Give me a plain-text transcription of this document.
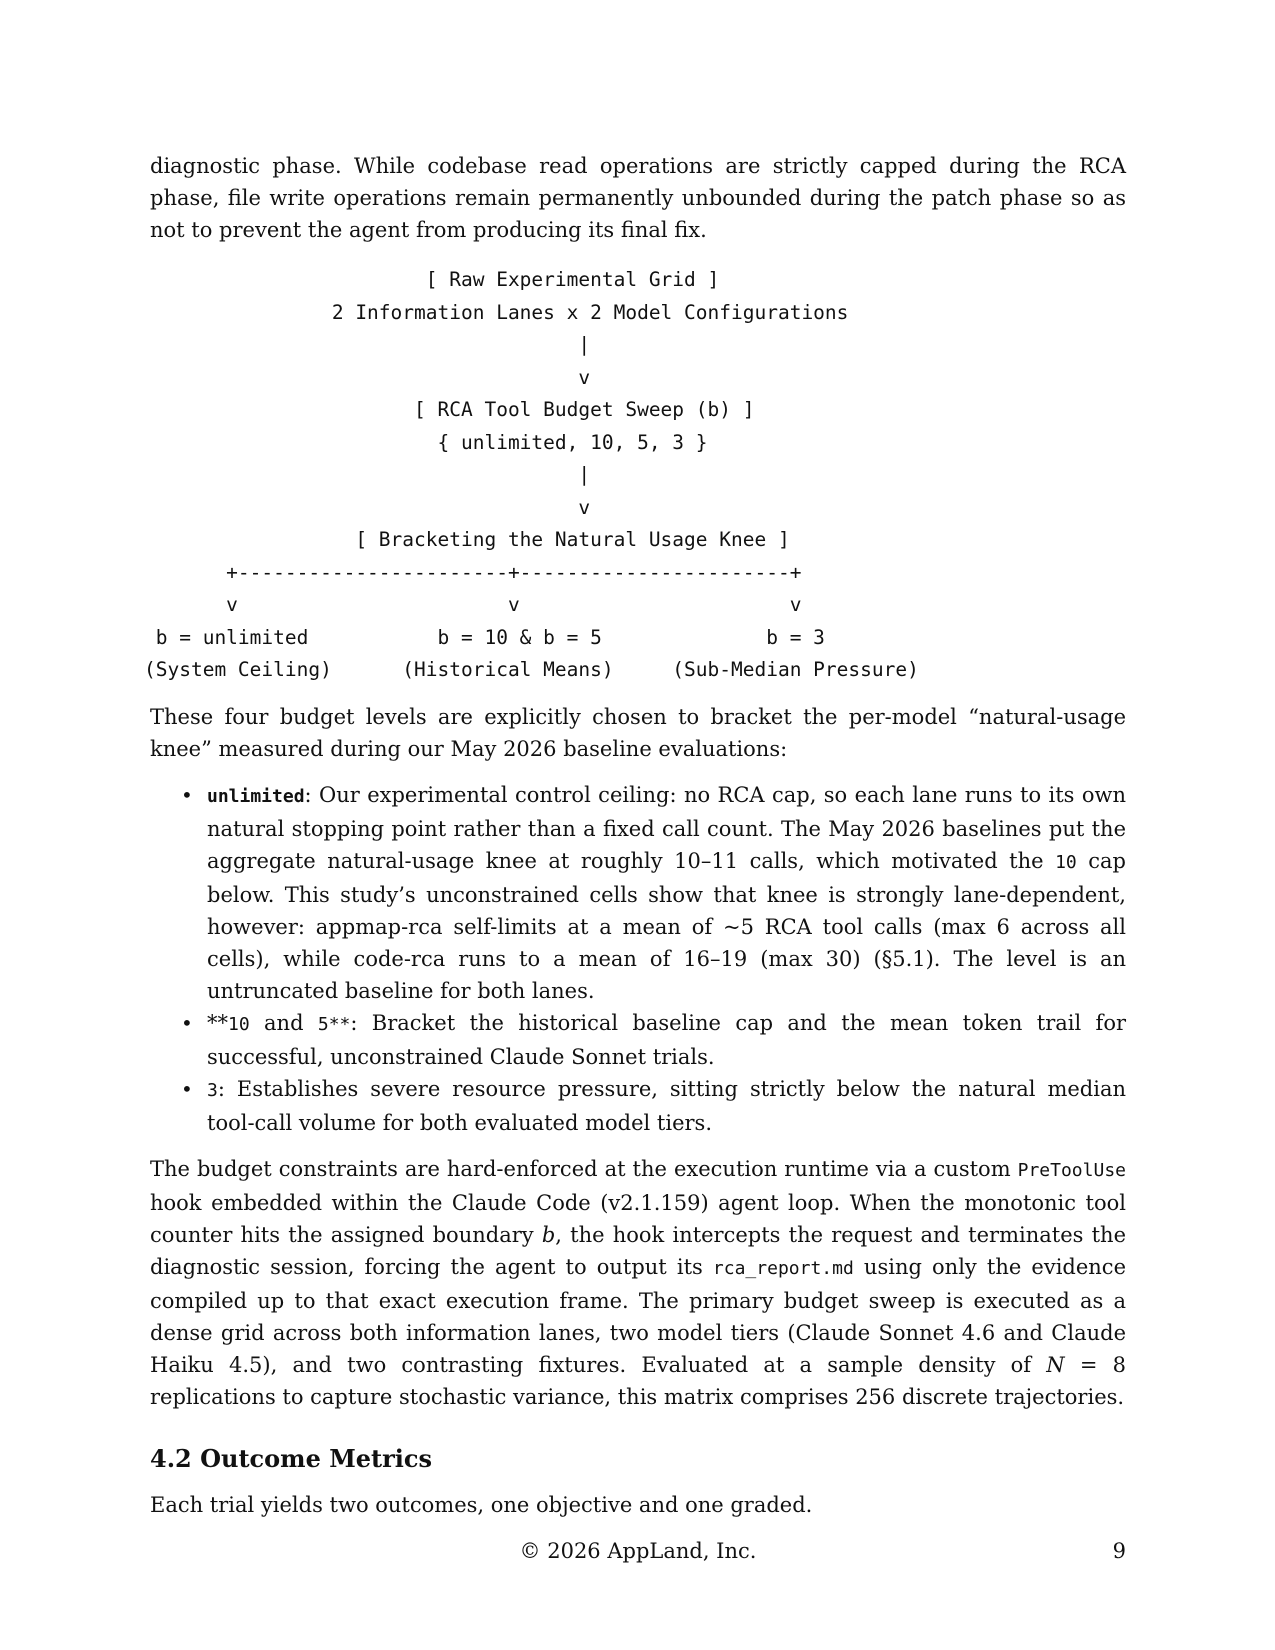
diagnostic phase. While codebase read operations are strictly capped during the RCA phase, file write operations remain permanently unbounded during the patch phase so as not to prevent the agent from producing its final fix.

[ Raw Experimental Grid ]
2 Information Lanes x 2 Model Configurations
|
v
[ RCA Tool Budget Sweep (b) ]
{ unlimited, 10, 5, 3 }
|
v
[ Bracketing the Natural Usage Knee ]
+-----------------------+-----------------------+
v                       v                       v
b = unlimited           b = 10 & b = 5              b = 3
(System Ceiling)      (Historical Means)     (Sub-Median Pressure)

These four budget levels are explicitly chosen to bracket the per-model “natural-usage knee” measured during our May 2026 baseline evaluations:

• unlimited: Our experimental control ceiling: no RCA cap, so each lane runs to its own natural stopping point rather than a fixed call count. The May 2026 baselines put the aggregate natural-usage knee at roughly 10–11 calls, which motivated the 10 cap below. This study’s unconstrained cells show that knee is strongly lane-dependent, however: appmap-rca self-limits at a mean of ~5 RCA tool calls (max 6 across all cells), while code-rca runs to a mean of 16–19 (max 30) (§5.1). The level is an untruncated baseline for both lanes.
• **10 and 5**: Bracket the historical baseline cap and the mean token trail for successful, unconstrained Claude Sonnet trials.
• 3: Establishes severe resource pressure, sitting strictly below the natural median tool-call volume for both evaluated model tiers.

The budget constraints are hard-enforced at the execution runtime via a custom PreToolUse hook embedded within the Claude Code (v2.1.159) agent loop. When the monotonic tool counter hits the assigned boundary b, the hook intercepts the request and terminates the diagnostic session, forcing the agent to output its rca_report.md using only the evidence compiled up to that exact execution frame. The primary budget sweep is executed as a dense grid across both information lanes, two model tiers (Claude Sonnet 4.6 and Claude Haiku 4.5), and two contrasting fixtures. Evaluated at a sample density of N = 8 replications to capture stochastic variance, this matrix comprises 256 discrete trajectories.

4.2 Outcome Metrics

Each trial yields two outcomes, one objective and one graded.

© 2026 AppLand, Inc.	9
